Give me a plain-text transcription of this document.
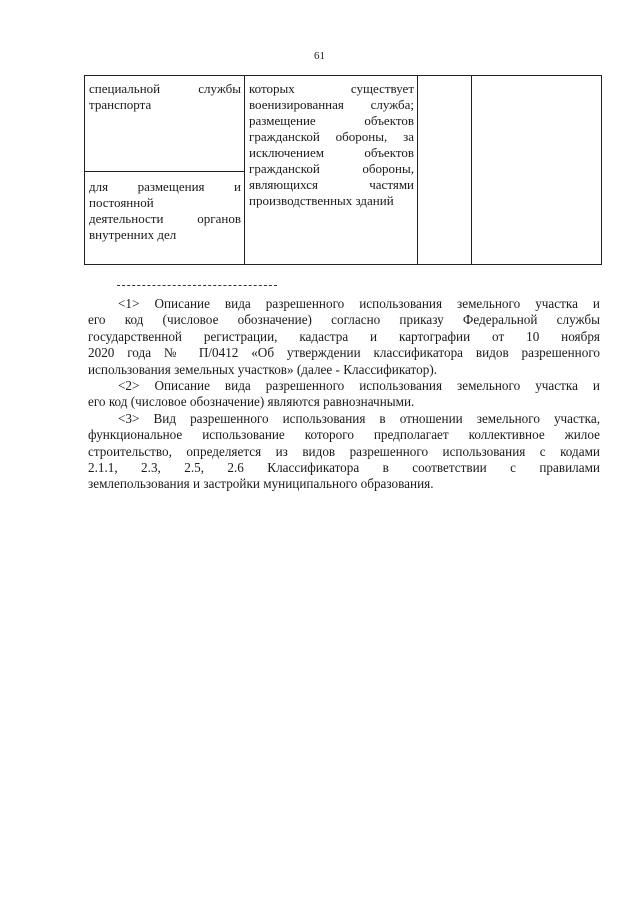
61
специальной службы
транспорта
для размещения и
постоянной
деятельности органов
внутренних дел
которых существует
военизированная служба;
размещение объектов
гражданской обороны, за
исключением объектов
гражданской обороны,
являющихся частями
производственных зданий

<1> Описание вида разрешенного использования земельного участка и
его код (числовое обозначение) согласно приказу Федеральной службы
государственной регистрации, кадастра и картографии от 10 ноября
2020 года № П/0412 «Об утверждении классификатора видов разрешенного
использования земельных участков» (далее - Классификатор).

<2> Описание вида разрешенного использования земельного участка и
его код (числовое обозначение) являются равнозначными.

<3> Вид разрешенного использования в отношении земельного участка,
функциональное использование которого предполагает коллективное жилое
строительство, определяется из видов разрешенного использования с кодами
2.1.1, 2.3, 2.5, 2.6 Классификатора в соответствии с правилами
землепользования и застройки муниципального образования.
